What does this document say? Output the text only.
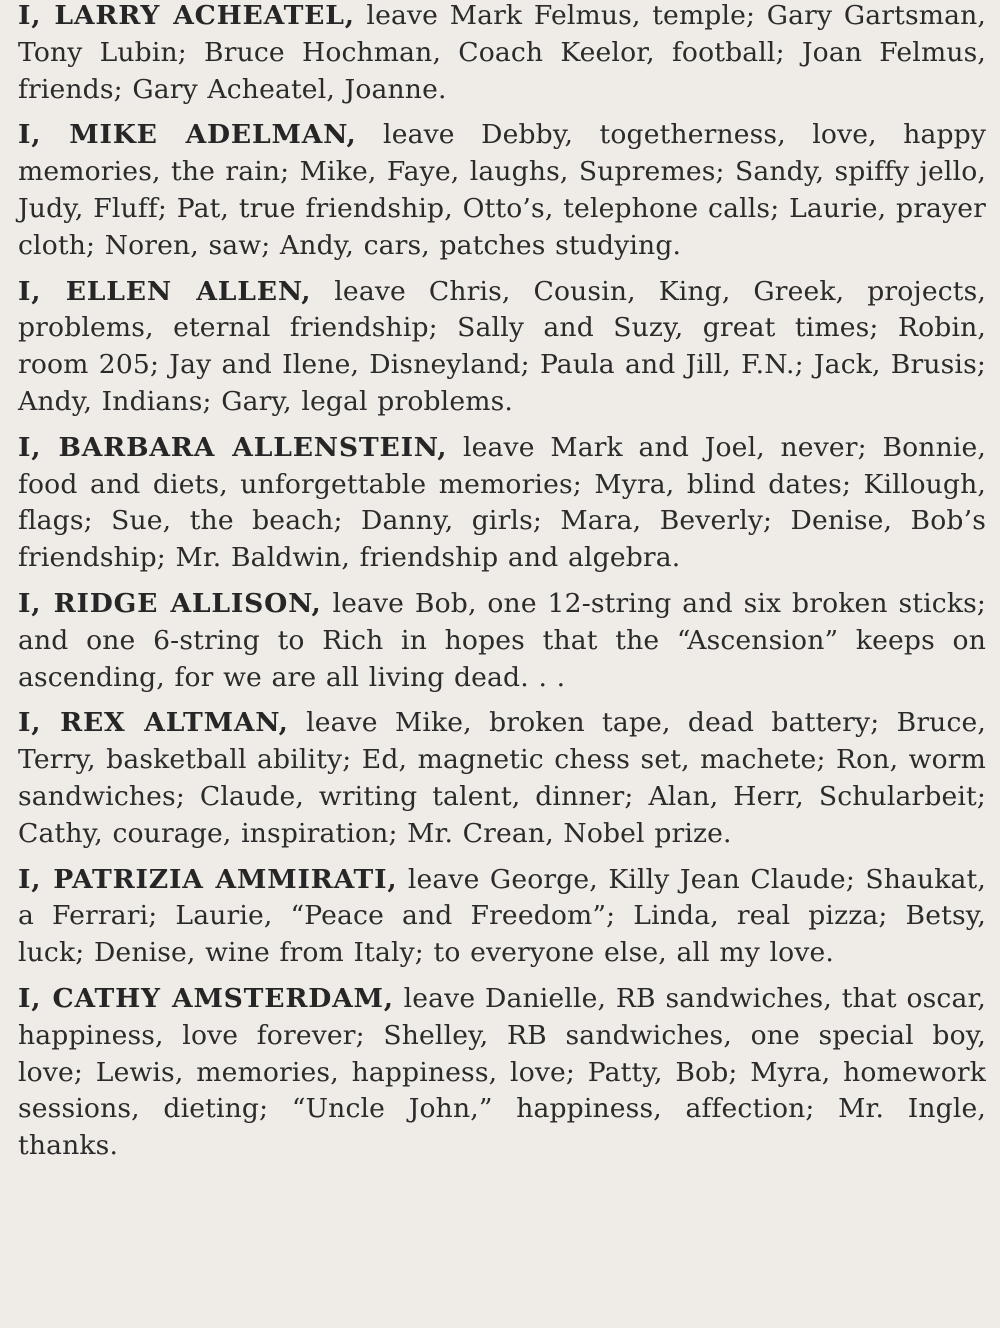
I, LARRY ACHEATEL, leave Mark Felmus, temple; Gary Gartsman, Tony Lubin; Bruce Hochman, Coach Keelor, football; Joan Felmus, friends; Gary Acheatel, Joanne.

I, MIKE ADELMAN, leave Debby, togetherness, love, happy memories, the rain; Mike, Faye, laughs, Supremes; Sandy, spiffy jello, Judy, Fluff; Pat, true friendship, Otto’s, telephone calls; Laurie, prayer cloth; Noren, saw; Andy, cars, patches studying.

I, ELLEN ALLEN, leave Chris, Cousin, King, Greek, projects, problems, eternal friendship; Sally and Suzy, great times; Robin, room 205; Jay and Ilene, Disneyland; Paula and Jill, F.N.; Jack, Brusis; Andy, Indians; Gary, legal problems.

I, BARBARA ALLENSTEIN, leave Mark and Joel, never; Bonnie, food and diets, unforgettable memories; Myra, blind dates; Killough, flags; Sue, the beach; Danny, girls; Mara, Beverly; Denise, Bob’s friendship; Mr. Baldwin, friendship and algebra.

I, RIDGE ALLISON, leave Bob, one 12-string and six broken sticks; and one 6-string to Rich in hopes that the “Ascension” keeps on ascending, for we are all living dead. . .

I, REX ALTMAN, leave Mike, broken tape, dead battery; Bruce, Terry, basketball ability; Ed, magnetic chess set, machete; Ron, worm sandwiches; Claude, writing talent, dinner; Alan, Herr, Schularbeit; Cathy, courage, inspiration; Mr. Crean, Nobel prize.

I, PATRIZIA AMMIRATI, leave George, Killy Jean Claude; Shaukat, a Ferrari; Laurie, “Peace and Freedom”; Linda, real pizza; Betsy, luck; Denise, wine from Italy; to everyone else, all my love.

I, CATHY AMSTERDAM, leave Danielle, RB sandwiches, that oscar, happiness, love forever; Shelley, RB sandwiches, one special boy, love; Lewis, memories, happiness, love; Patty, Bob; Myra, homework sessions, dieting; “Uncle John,” happiness, affection; Mr. Ingle, thanks.
